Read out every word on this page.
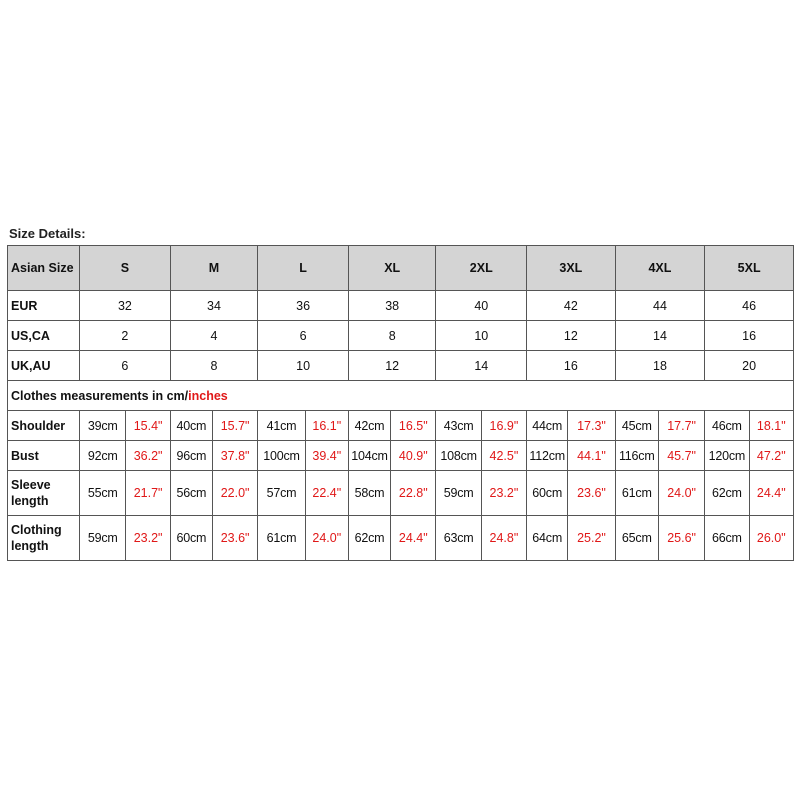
Size Details:
Asian Size	S		M		L		XL		2XL		3XL		4XL		5XL	
EUR	32		34		36		38		40		42		44		46	
US,CA	2		4		6		8		10		12		14		16	
UK,AU	6		8		10		12		14		16		18		20	
Clothes measurements in cm/inches																
Shoulder	39cm	15.4"	40cm	15.7"	41cm	16.1"	42cm	16.5"	43cm	16.9"	44cm	17.3"	45cm	17.7"	46cm	18.1"
Bust	92cm	36.2"	96cm	37.8"	100cm	39.4"	104cm	40.9"	108cm	42.5"	112cm	44.1"	116cm	45.7"	120cm	47.2"
Sleeve length	55cm	21.7"	56cm	22.0"	57cm	22.4"	58cm	22.8"	59cm	23.2"	60cm	23.6"	61cm	24.0"	62cm	24.4"
Clothing length	59cm	23.2"	60cm	23.6"	61cm	24.0"	62cm	24.4"	63cm	24.8"	64cm	25.2"	65cm	25.6"	66cm	26.0"
